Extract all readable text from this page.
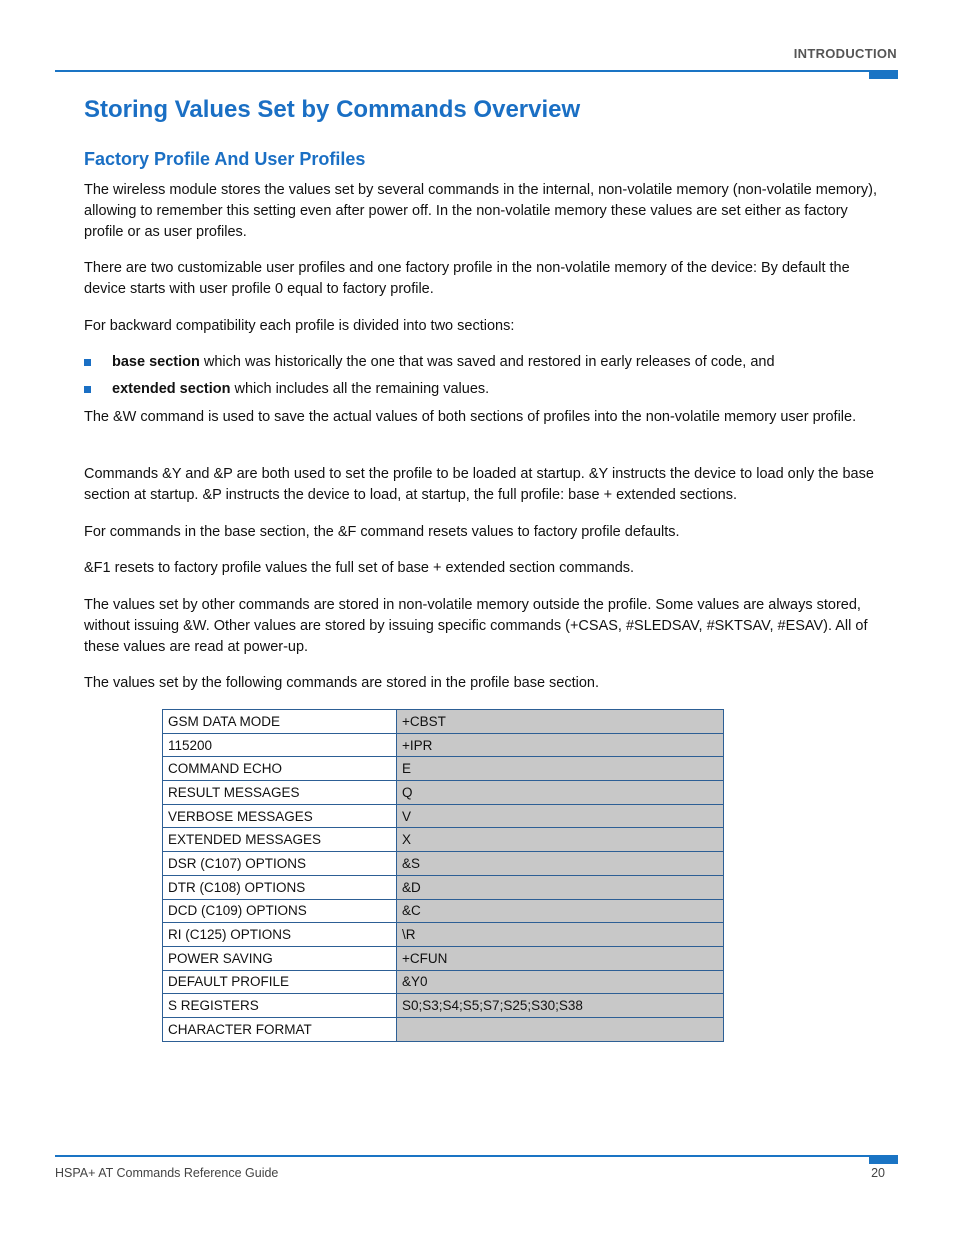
INTRODUCTION
Storing Values Set by Commands Overview
Factory Profile And User Profiles

The wireless module stores the values set by several commands in the internal, non-volatile memory (non-volatile memory), allowing to remember this setting even after power off. In the non-volatile memory these values are set either as factory profile or as user profiles.

There are two customizable user profiles and one factory profile in the non-volatile memory of the device: By default the device starts with user profile 0 equal to factory profile.

For backward compatibility each profile is divided into two sections:

base section which was historically the one that was saved and restored in early releases of code, and
extended section which includes all the remaining values.

The &W command is used to save the actual values of both sections of profiles into the non-volatile memory user profile.

Commands &Y and &P are both used to set the profile to be loaded at startup. &Y instructs the device to load only the base section at startup. &P instructs the device to load, at startup, the full profile: base + extended sections.

For commands in the base section, the &F command resets values to factory profile defaults.

&F1 resets to factory profile values the full set of base + extended section commands.

The values set by other commands are stored in non-volatile memory outside the profile. Some values are always stored, without issuing &W. Other values are stored by issuing specific commands (+CSAS, #SLEDSAV, #SKTSAV, #ESAV). All of these values are read at power-up.

The values set by the following commands are stored in the profile base section.

GSM DATA MODE	+CBST
115200	+IPR
COMMAND ECHO	E
RESULT MESSAGES	Q
VERBOSE MESSAGES	V
EXTENDED MESSAGES	X
DSR (C107) OPTIONS	&S
DTR (C108) OPTIONS	&D
DCD (C109) OPTIONS	&C
RI (C125) OPTIONS	\R
POWER SAVING	+CFUN
DEFAULT PROFILE	&Y0
S REGISTERS	S0;S3;S4;S5;S7;S25;S30;S38
CHARACTER FORMAT	
HSPA+ AT Commands Reference Guide	20
